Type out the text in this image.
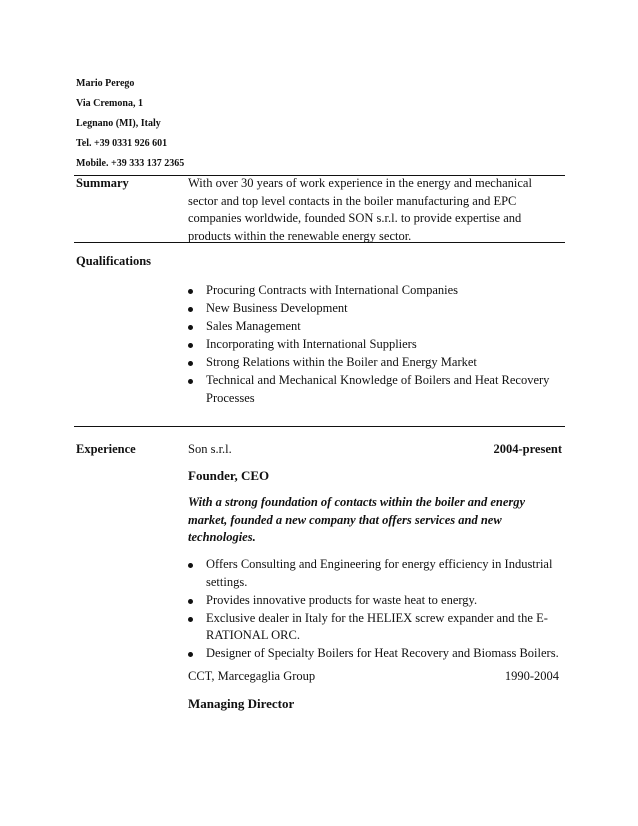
Mario Perego
Via Cremona, 1
Legnano (MI), Italy
Tel. +39 0331 926 601
Mobile. +39 333 137 2365
Summary	With over 30 years of work experience in the energy and mechanical sector and top level contacts in the boiler manufacturing and EPC companies worldwide, founded SON s.r.l. to provide expertise and products within the renewable energy sector.
Qualifications
Procuring Contracts with International Companies
New Business Development
Sales Management
Incorporating with International Suppliers
Strong Relations within the Boiler and Energy Market
Technical and Mechanical Knowledge of Boilers and Heat Recovery Processes
Experience	Son s.r.l.	2004-present
Founder, CEO
With a strong foundation of contacts within the boiler and energy market, founded a new company that offers services and new technologies.
Offers Consulting and Engineering for energy efficiency in Industrial settings.
Provides innovative products for waste heat to energy.
Exclusive dealer in Italy for the HELIEX screw expander and the E-RATIONAL ORC.
Designer of Specialty Boilers for Heat Recovery and Biomass Boilers.
CCT, Marcegaglia Group	1990-2004
Managing Director
